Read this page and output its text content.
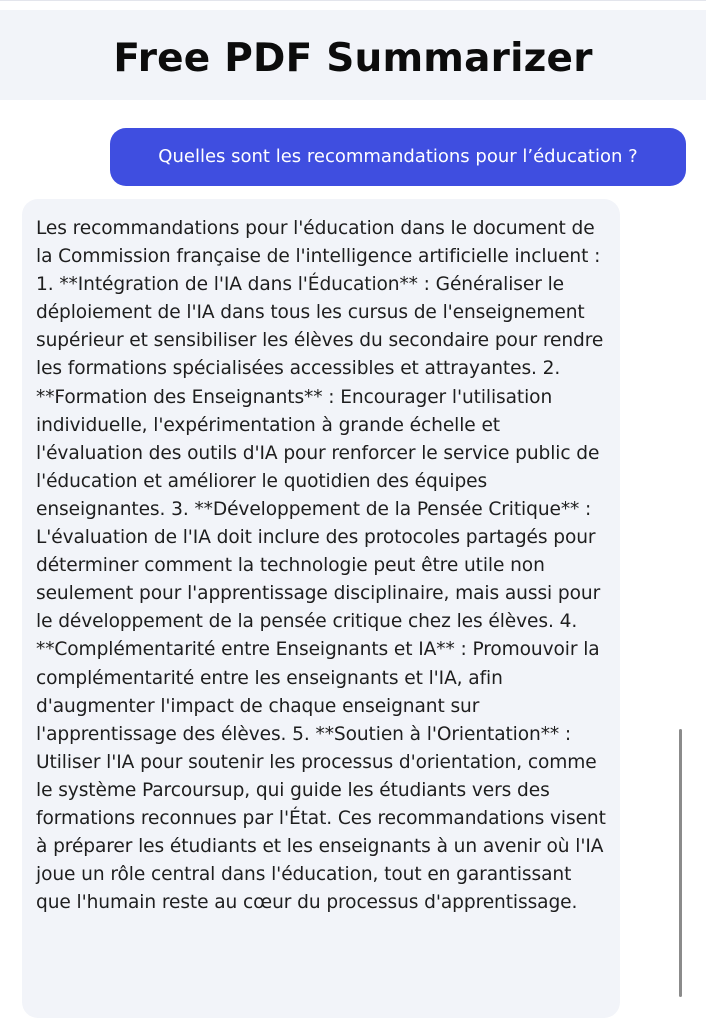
Free PDF Summarizer
Quelles sont les recommandations pour l’éducation ?

Les recommandations pour l'éducation dans le document de la Commission française de l'intelligence artificielle incluent : 1. **Intégration de l'IA dans l'Éducation** : Généraliser le déploiement de l'IA dans tous les cursus de l'enseignement supérieur et sensibiliser les élèves du secondaire pour rendre les formations spécialisées accessibles et attrayantes. 2. **Formation des Enseignants** : Encourager l'utilisation individuelle, l'expérimentation à grande échelle et l'évaluation des outils d'IA pour renforcer le service public de l'éducation et améliorer le quotidien des équipes enseignantes. 3. **Développement de la Pensée Critique** : L'évaluation de l'IA doit inclure des protocoles partagés pour déterminer comment la technologie peut être utile non seulement pour l'apprentissage disciplinaire, mais aussi pour le développement de la pensée critique chez les élèves. 4. **Complémentarité entre Enseignants et IA** : Promouvoir la complémentarité entre les enseignants et l'IA, afin d'augmenter l'impact de chaque enseignant sur l'apprentissage des élèves. 5. **Soutien à l'Orientation** : Utiliser l'IA pour soutenir les processus d'orientation, comme le système Parcoursup, qui guide les étudiants vers des formations reconnues par l'État. Ces recommandations visent à préparer les étudiants et les enseignants à un avenir où l'IA joue un rôle central dans l'éducation, tout en garantissant que l'humain reste au cœur du processus d'apprentissage.
